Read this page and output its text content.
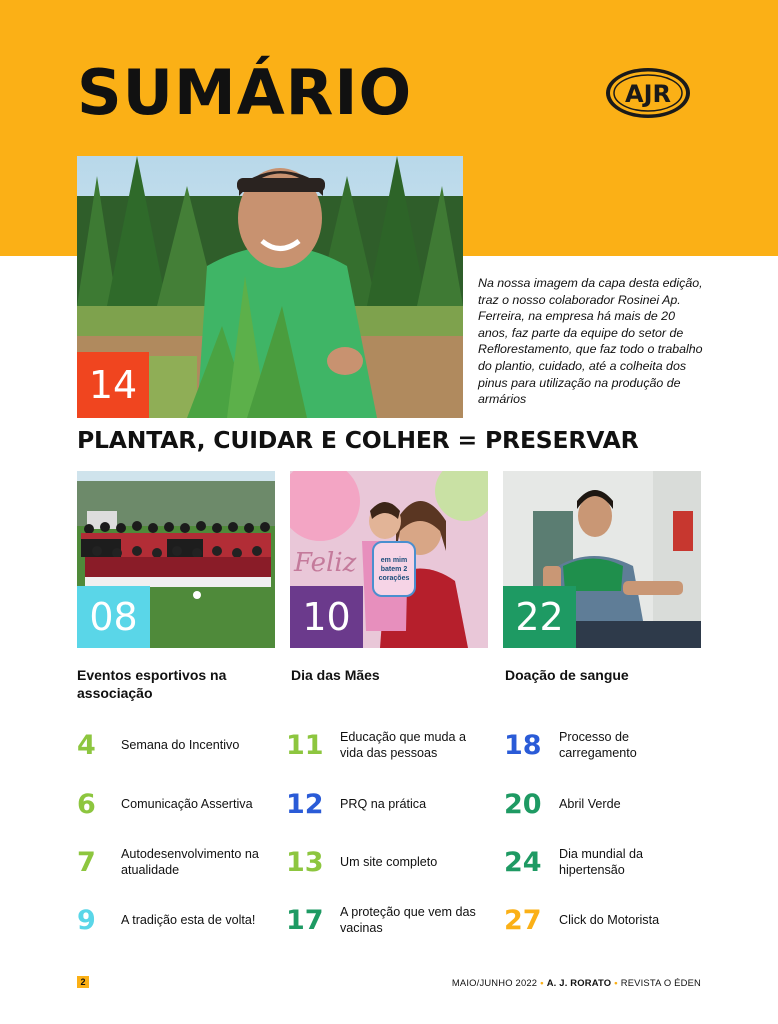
SUMÁRIO	AJR
14

Na nossa imagem da capa desta edição, traz o nosso colaborador Rosinei Ap. Ferreira, na empresa há mais de 20 anos, faz parte da equipe do setor de Reflorestamento, que faz todo o trabalho do plantio, cuidado, até a colheita dos pinus para utilização na produção de armários

PLANTAR, CUIDAR E COLHER = PRESERVAR
08
Feliz	em mim
batem 2
corações
10	22
Eventos esportivos na associação
Dia das Mães	Doação de sangue
4	Semana do Incentivo
6	Comunicação Assertiva
7	Autodesenvolvimento na atualidade
9	A tradição esta de volta!
11	Educação que muda a vida das pessoas
12	PRQ na prática
13	Um site completo
17	A proteção que vem das vacinas
18	Processo de carregamento
20	Abril Verde
24	Dia mundial da hipertensão
27	Click do Motorista
2	MAIO/JUNHO 2022 • A. J. RORATO • REVISTA O ÉDEN
